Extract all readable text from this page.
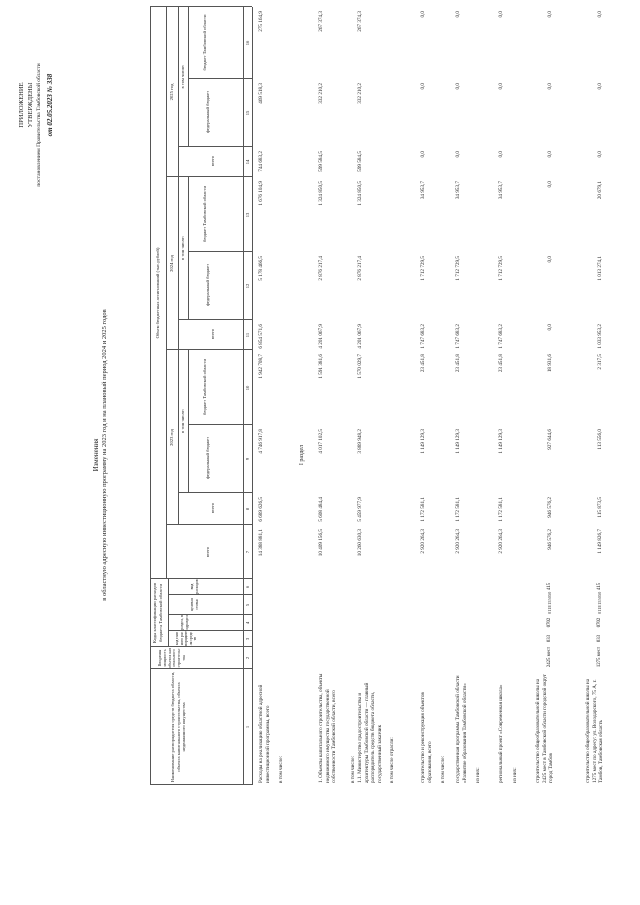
ПРИЛОЖЕНИЕ УТВЕРЖДЕНЫ постановлением Правительства Тамбовской области от 02.05.2023 № 338
Изменения в областную адресную инвестиционную программу на 2023 год и на плановый период 2024 и 2025 годов
Наименование распорядителя средств бюджета области, объекта капитального строительства, объекта недвижимого имущества
Вводимая мощность объекта капитального строительства
Коды классификации расходов бюджета Тамбовской области	код главного распорядителя средств
раздел, подраздел
целевая статья
вид расходов
Объем бюджетных ассигнований (тыс.рублей)
всего
2023 год
2024 год
2025 год
всего
в том числе:
федеральный бюджет
бюджет Тамбовской области
всего
в том числе:
федеральный бюджет
бюджет Тамбовской области
всего
в том числе:
федеральный бюджет
бюджет Тамбовской области
1
2
3
4
5
6
7
8
9
10
11
12
13
14
15
16
I раздел
Расходы на реализацию областной адресной инвестиционной программы, всего в том числе:
14 388 881,1
6 689 626,5
4 746 917,8
1 942 708,7
6 854 571,6
5 178 466,5
1 676 104,9
744 683,2
469 518,3
275 164,9
1. Объекты капитального строительства, объекты недвижимого имущества государственной собственности Тамбовской области, всего	в том числе:
10 409 156,5
5 608 484,4
4 017 102,5
1 591 381,6
4 201 067,9
2 876 217,4
1 324 850,5
599 584,5
332 210,2
267 374,3
1.1. Министерство градостроительства и архитектуры Тамбовской области — главный распорядитель средств бюджета области, государственный заказчик в том числе отрасли:
10 260 630,3
5 459 977,9
3 889 948,2
1 570 029,7
4 201 067,9
2 876 217,4
1 324 850,5
599 584,5
332 210,2
267 374,3
строительство и реконструкция объектов образования, всего в том числе:
2 920 264,3
1 172 581,1
1 149 129,3
23 451,8
1 747 683,2
1 712 729,5
34 953,7
0,0
0,0
0,0
государственная программа Тамбовской области «Развитие образования Тамбовской области» из них:
2 920 264,3
1 172 581,1
1 149 129,3
23 451,8
1 747 683,2
1 712 729,5
34 953,7
0,0
0,0
0,0
региональный проект «Современная школа» из них:
2 920 264,3
1 172 581,1
1 149 129,3
23 451,8
1 747 683,2
1 712 729,5
34 953,7
0,0
0,0
0,0
строительство общеобразовательной школы на 2425 мест в Тамбовской области городской округ город Тамбов
2425 мест
033
0702
011E155050
415
946 576,2
946 576,2
927 644,6
18 931,6
0,0
0,0
0,0
0,0
0,0
0,0
строительство общеобразовательной школы на 1275 мест по адресу: ул. Володарского, 75 А, г. Тамбов, Тамбовская область
1275 мест
033
0702
011E155050
415
1 149 826,7
115 873,5
113 556,0
2 317,5
1 033 953,2
1 013 274,1
20 679,1
0,0
0,0
0,0
